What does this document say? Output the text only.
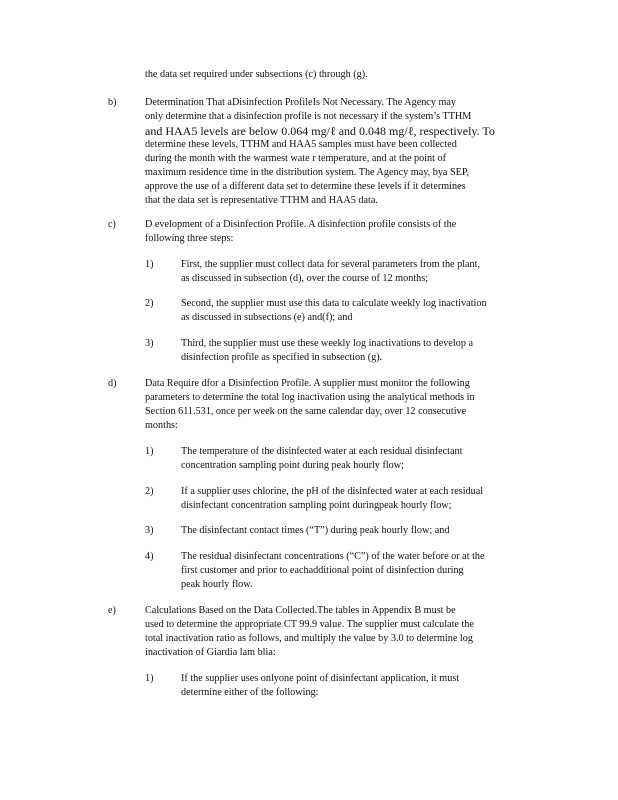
the data set required under subsections (c) through (g).
b)	Determination That aDisinfection ProfileIs Not Necessary. The Agency may
only determine that a disinfection profile is not necessary if the system’s TTHM
and HAA5 levels are below 0.064 mg/ℓ and 0.048 mg/ℓ, respectively. To
determine these levels, TTHM and HAA5 samples must have been collected
during the month with the warmest wate r temperature, and at the point of
maximum residence time in the distribution system. The Agency may, bya SEP,
approve the use of a different data set to determine these levels if it determines
that the data set is representative TTHM and HAA5 data.
c)	D evelopment of a Disinfection Profile. A disinfection profile consists of the
following three steps:
1)	First, the supplier must collect data for several parameters from the plant,
as discussed in subsection (d), over the course of 12 months;
2)	Second, the supplier must use this data to calculate weekly log inactivation
as discussed in subsections (e) and(f); and
3)	Third, the supplier must use these weekly log inactivations to develop a
disinfection profile as specified in subsection (g).
d)	Data Require dfor a Disinfection Profile. A supplier must monitor the following
parameters to determine the total log inactivation using the analytical methods in
Section 611.531, once per week on the same calendar day, over 12 consecutive
months:
1)	The temperature of the disinfected water at each residual disinfectant
concentration sampling point during peak hourly flow;
2)	If a supplier uses chlorine, the pH of the disinfected water at each residual
disinfectant concentration sampling point duringpeak hourly flow;
3)	The disinfectant contact times (“T”) during peak hourly flow; and
4)	The residual disinfectant concentrations (“C”) of the water before or at the
first customer and prior to eachadditional point of disinfection during
peak hourly flow.
e)	Calculations Based on the Data Collected.The tables in Appendix B must be
used to determine the appropriate CT 99.9 value. The supplier must calculate the
total inactivation ratio as follows, and multiply the value by 3.0 to determine log
inactivation of Giardia lam blia:
1)	If the supplier uses onlyone point of disinfectant application, it must
determine either of the following:
